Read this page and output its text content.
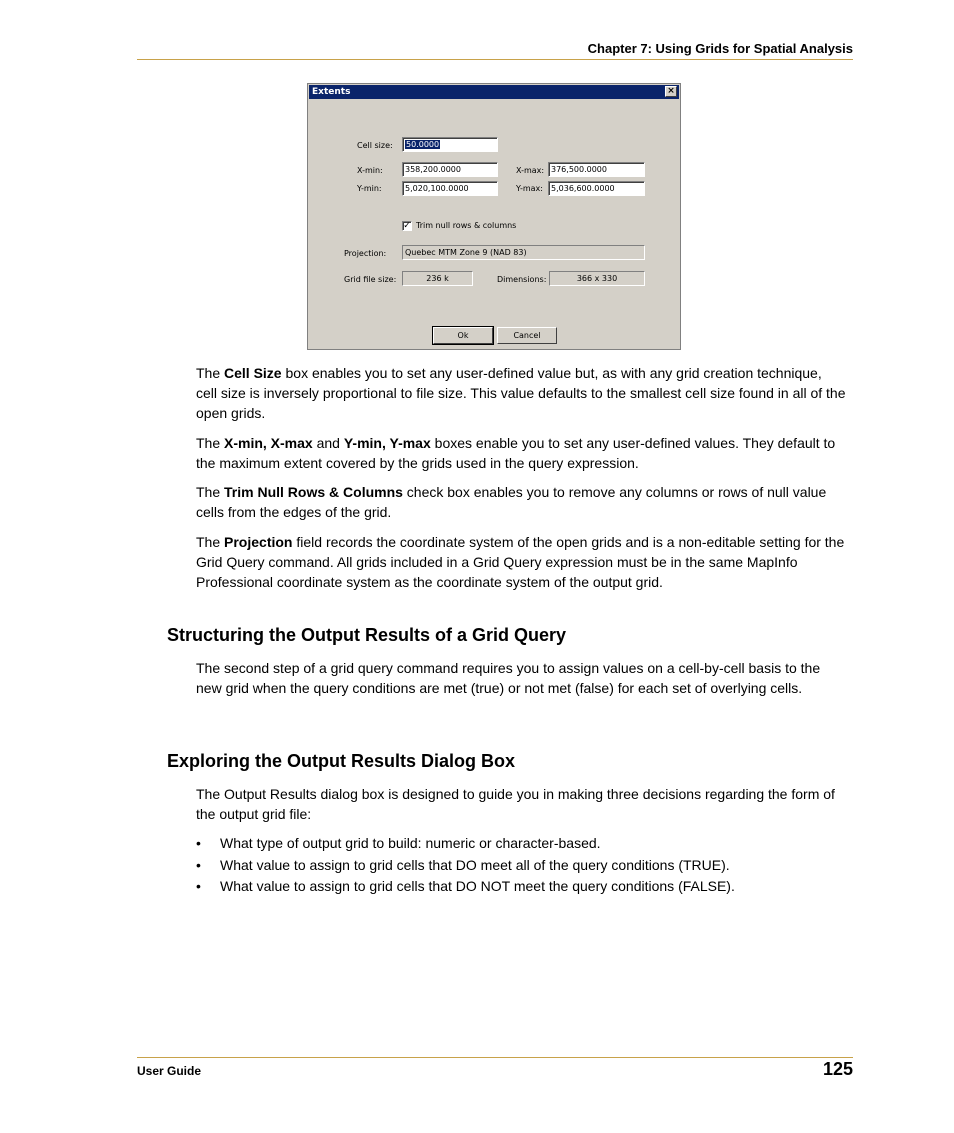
Chapter 7: Using Grids for Spatial Analysis
Extents	×
Cell size:	50.0000
X-min:	358,200.0000	X-max: 376,500.0000
Y-min:	5,020,100.0000	Y-max:	5,036,600.0000
✓ Trim null rows & columns
Projection:	Quebec MTM Zone 9 (NAD 83)
Grid file size:	236 k	Dimensions:	366 x 330
Ok	Cancel
The Cell Size box enables you to set any user-defined value but, as with any grid creation technique, cell size is inversely proportional to file size. This value defaults to the smallest cell size found in all of the open grids.
The X-min, X-max and Y-min, Y-max boxes enable you to set any user-defined values. They default to the maximum extent covered by the grids used in the query expression.
The Trim Null Rows & Columns check box enables you to remove any columns or rows of null value cells from the edges of the grid.
The Projection field records the coordinate system of the open grids and is a non-editable setting for the Grid Query command. All grids included in a Grid Query expression must be in the same MapInfo Professional coordinate system as the coordinate system of the output grid.
Structuring the Output Results of a Grid Query
The second step of a grid query command requires you to assign values on a cell-by-cell basis to the new grid when the query conditions are met (true) or not met (false) for each set of overlying cells.
Exploring the Output Results Dialog Box
The Output Results dialog box is designed to guide you in making three decisions regarding the form of the output grid file:
• What type of output grid to build: numeric or character-based.
• What value to assign to grid cells that DO meet all of the query conditions (TRUE).
• What value to assign to grid cells that DO NOT meet the query conditions (FALSE).
User Guide	125
